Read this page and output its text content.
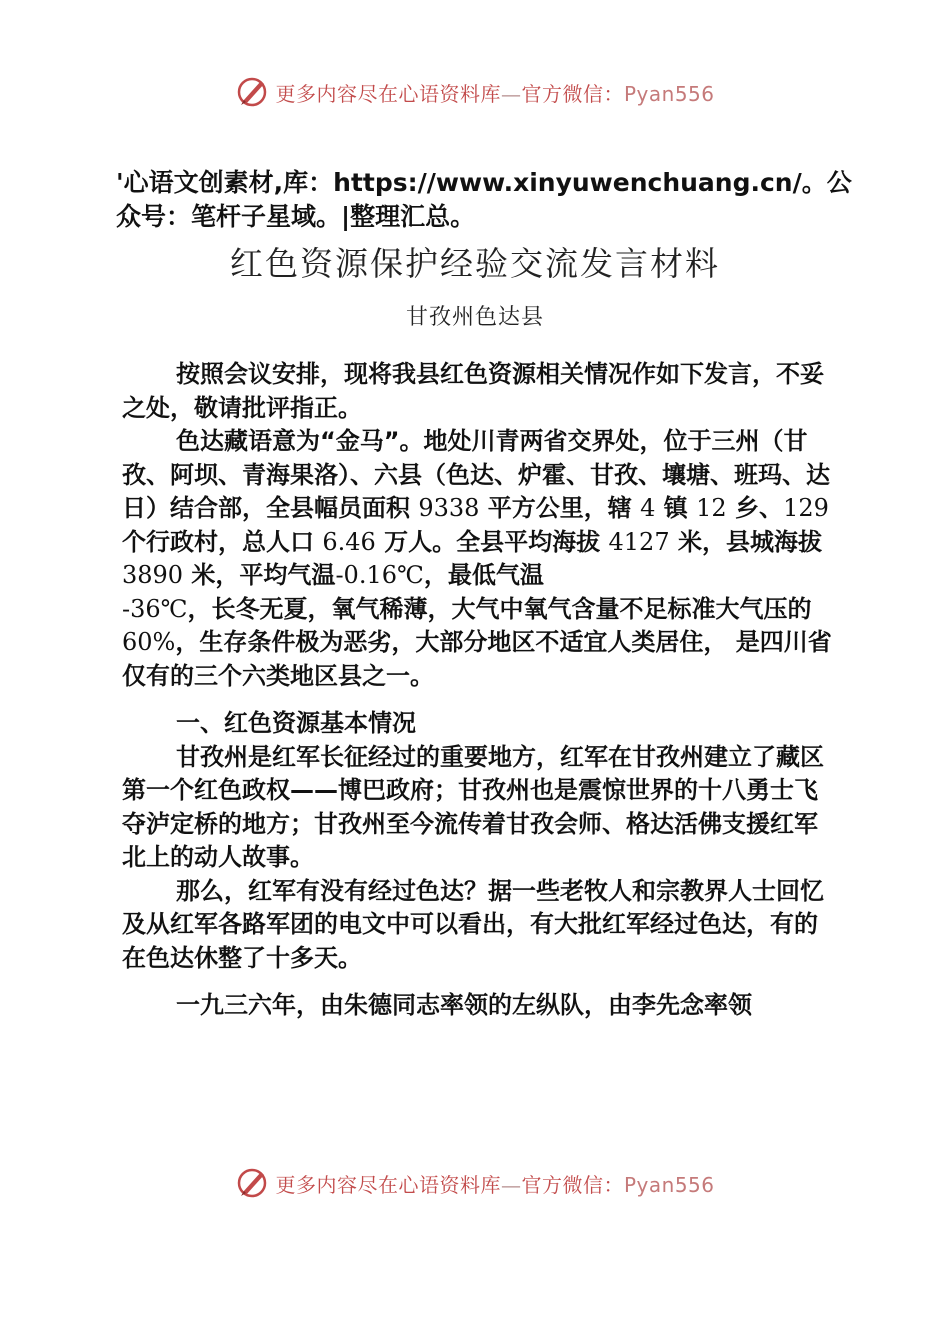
更多内容尽在心语资料库—官方微信：Pyan556
'心语文创素材,库：https://www.xinyuwenchuang.cn/。公众号：笔杆子星域。|整理汇总。
红色资源保护经验交流发言材料
甘孜州色达县

按照会议安排，现将我县红色资源相关情况作如下发言，不妥之处，敬请批评指正。

色达藏语意为“金马”。地处川青两省交界处，位于三州（甘孜、阿坝、青海果洛）、六县（色达、炉霍、甘孜、壤塘、班玛、达日）结合部，全县幅员面积 9338 平方公里，辖 4 镇 12 乡、129 个行政村，总人口 6.46 万人。全县平均海拔 4127 米，县城海拔 3890 米，平均气温-0.16℃，最低气温
-36℃，长冬无夏，氧气稀薄，大气中氧气含量不足标准大气压的 60%，生存条件极为恶劣，大部分地区不适宜人类居住， 是四川省仅有的三个六类地区县之一。

一、红色资源基本情况

甘孜州是红军长征经过的重要地方，红军在甘孜州建立了藏区第一个红色政权——博巴政府；甘孜州也是震惊世界的十八勇士飞夺泸定桥的地方；甘孜州至今流传着甘孜会师、格达活佛支援红军北上的动人故事。

那么，红军有没有经过色达？据一些老牧人和宗教界人士回忆及从红军各路军团的电文中可以看出，有大批红军经过色达，有的在色达休整了十多天。

一九三六年，由朱德同志率领的左纵队，由李先念率领

更多内容尽在心语资料库—官方微信：Pyan556
